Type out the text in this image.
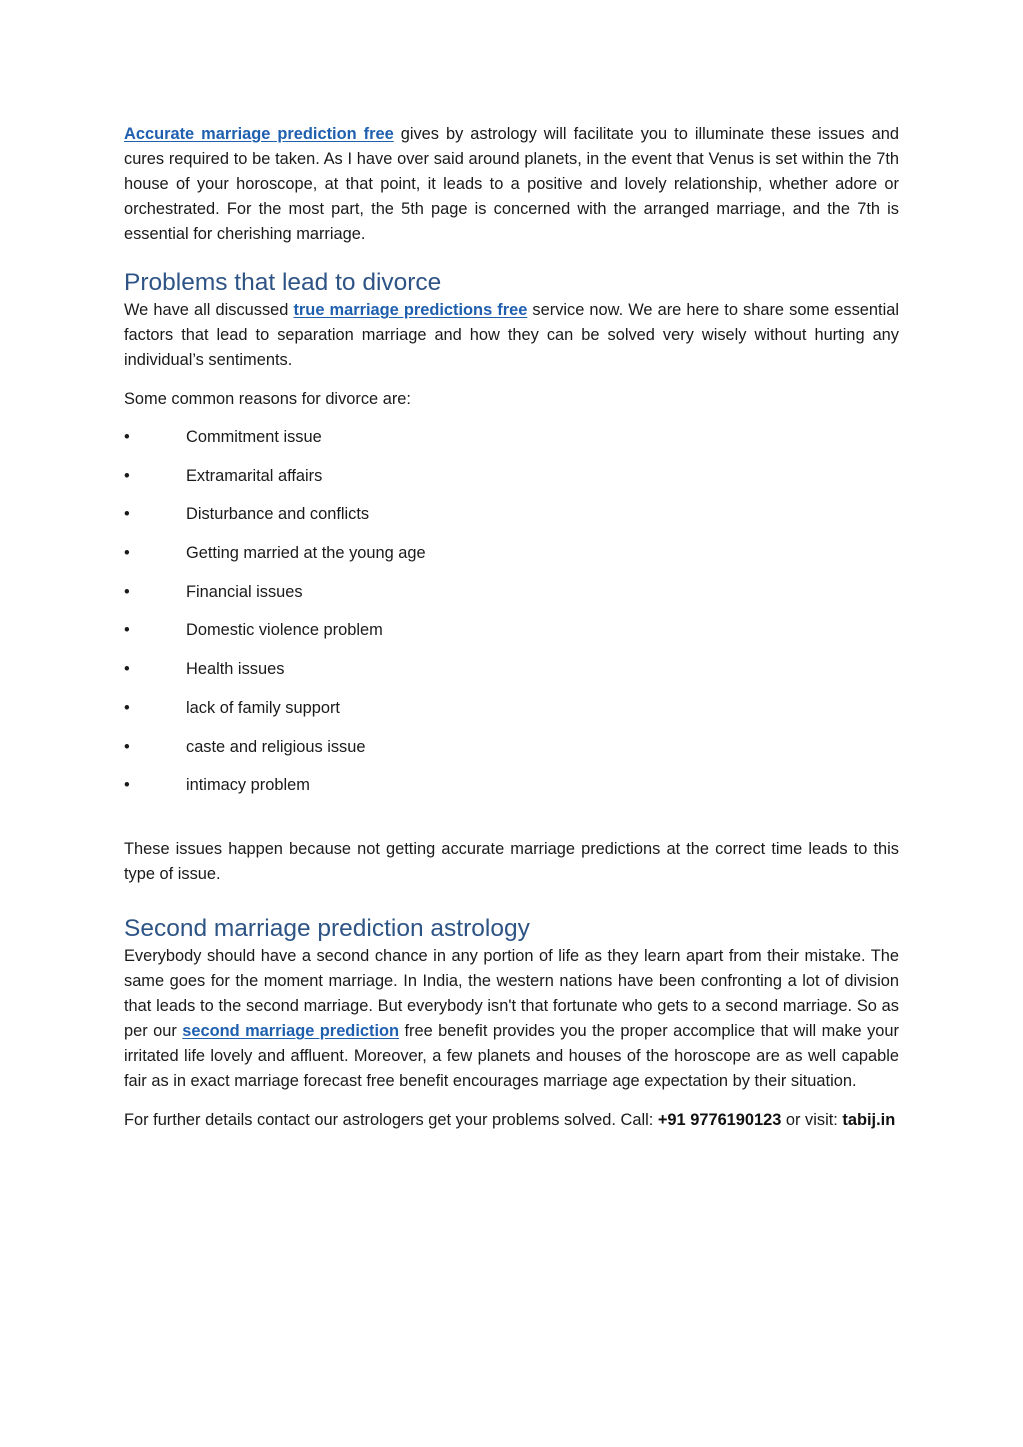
Accurate marriage prediction free gives by astrology will facilitate you to illuminate these issues and cures required to be taken. As I have over said around planets, in the event that Venus is set within the 7th house of your horoscope, at that point, it leads to a positive and lovely relationship, whether adore or orchestrated. For the most part, the 5th page is concerned with the arranged marriage, and the 7th is essential for cherishing marriage.

Problems that lead to divorce

We have all discussed true marriage predictions free service now. We are here to share some essential factors that lead to separation marriage and how they can be solved very wisely without hurting any individual’s sentiments.

Some common reasons for divorce are:

•	Commitment issue
•	Extramarital affairs
•	Disturbance and conflicts
•	Getting married at the young age
•	Financial issues
•	Domestic violence problem
•	Health issues
•	lack of family support
•	caste and religious issue
•	intimacy problem

These issues happen because not getting accurate marriage predictions at the correct time leads to this type of issue.

Second marriage prediction astrology

Everybody should have a second chance in any portion of life as they learn apart from their mistake. The same goes for the moment marriage. In India, the western nations have been confronting a lot of division that leads to the second marriage. But everybody isn't that fortunate who gets to a second marriage. So as per our second marriage prediction free benefit provides you the proper accomplice that will make your irritated life lovely and affluent. Moreover, a few planets and houses of the horoscope are as well capable fair as in exact marriage forecast free benefit encourages marriage age expectation by their situation.

For further details contact our astrologers get your problems solved. Call: +91 9776190123 or visit: tabij.in
